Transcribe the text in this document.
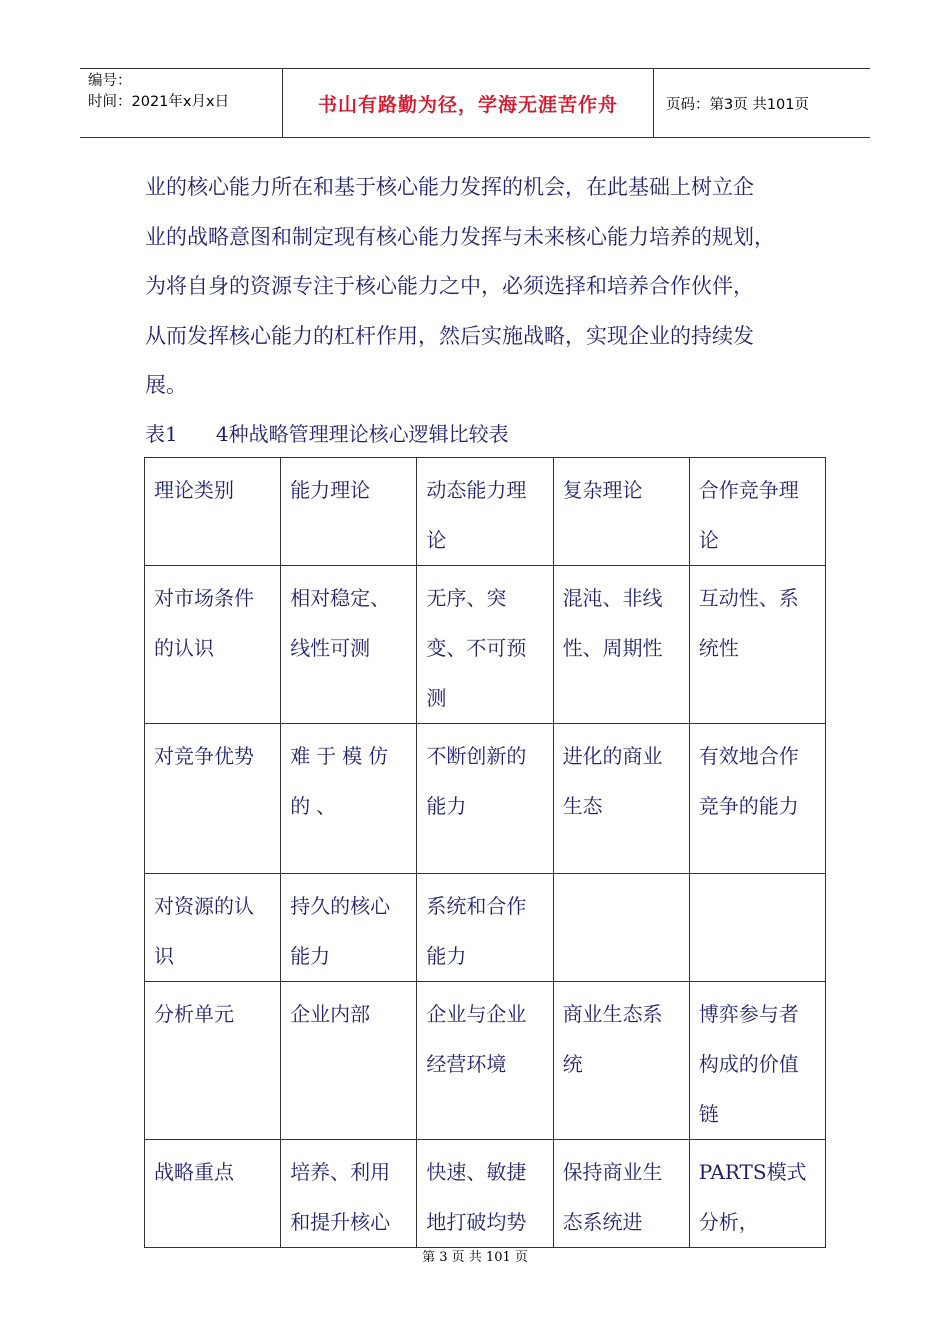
编号：
时间：2021年x月x日	书山有路勤为径，学海无涯苦作舟	页码：第3页 共101页
业的核心能力所在和基于核心能力发挥的机会，在此基础上树立企
业的战略意图和制定现有核心能力发挥与未来核心能力培养的规划，
为将自身的资源专注于核心能力之中，必须选择和培养合作伙伴，
从而发挥核心能力的杠杆作用，然后实施战略，实现企业的持续发
展。
表1      4种战略管理理论核心逻辑比较表
理论类别	能力理论	动态能力理论	复杂理论	合作竞争理论
对市场条件的认识	相对稳定、线性可测	无序、突变、不可预测	混沌、非线性、周期性	互动性、系统性
对竞争优势	难于模仿的、	不断创新的能力	进化的商业生态	有效地合作竞争的能力
对资源的认识	持久的核心能力	系统和合作能力		
分析单元	企业内部	企业与企业经营环境	商业生态系统	博弈参与者构成的价值链
战略重点	培养、利用和提升核心	快速、敏捷地打破均势	保持商业生态系统进	PARTS模式分析，
第 3 页 共 101 页
